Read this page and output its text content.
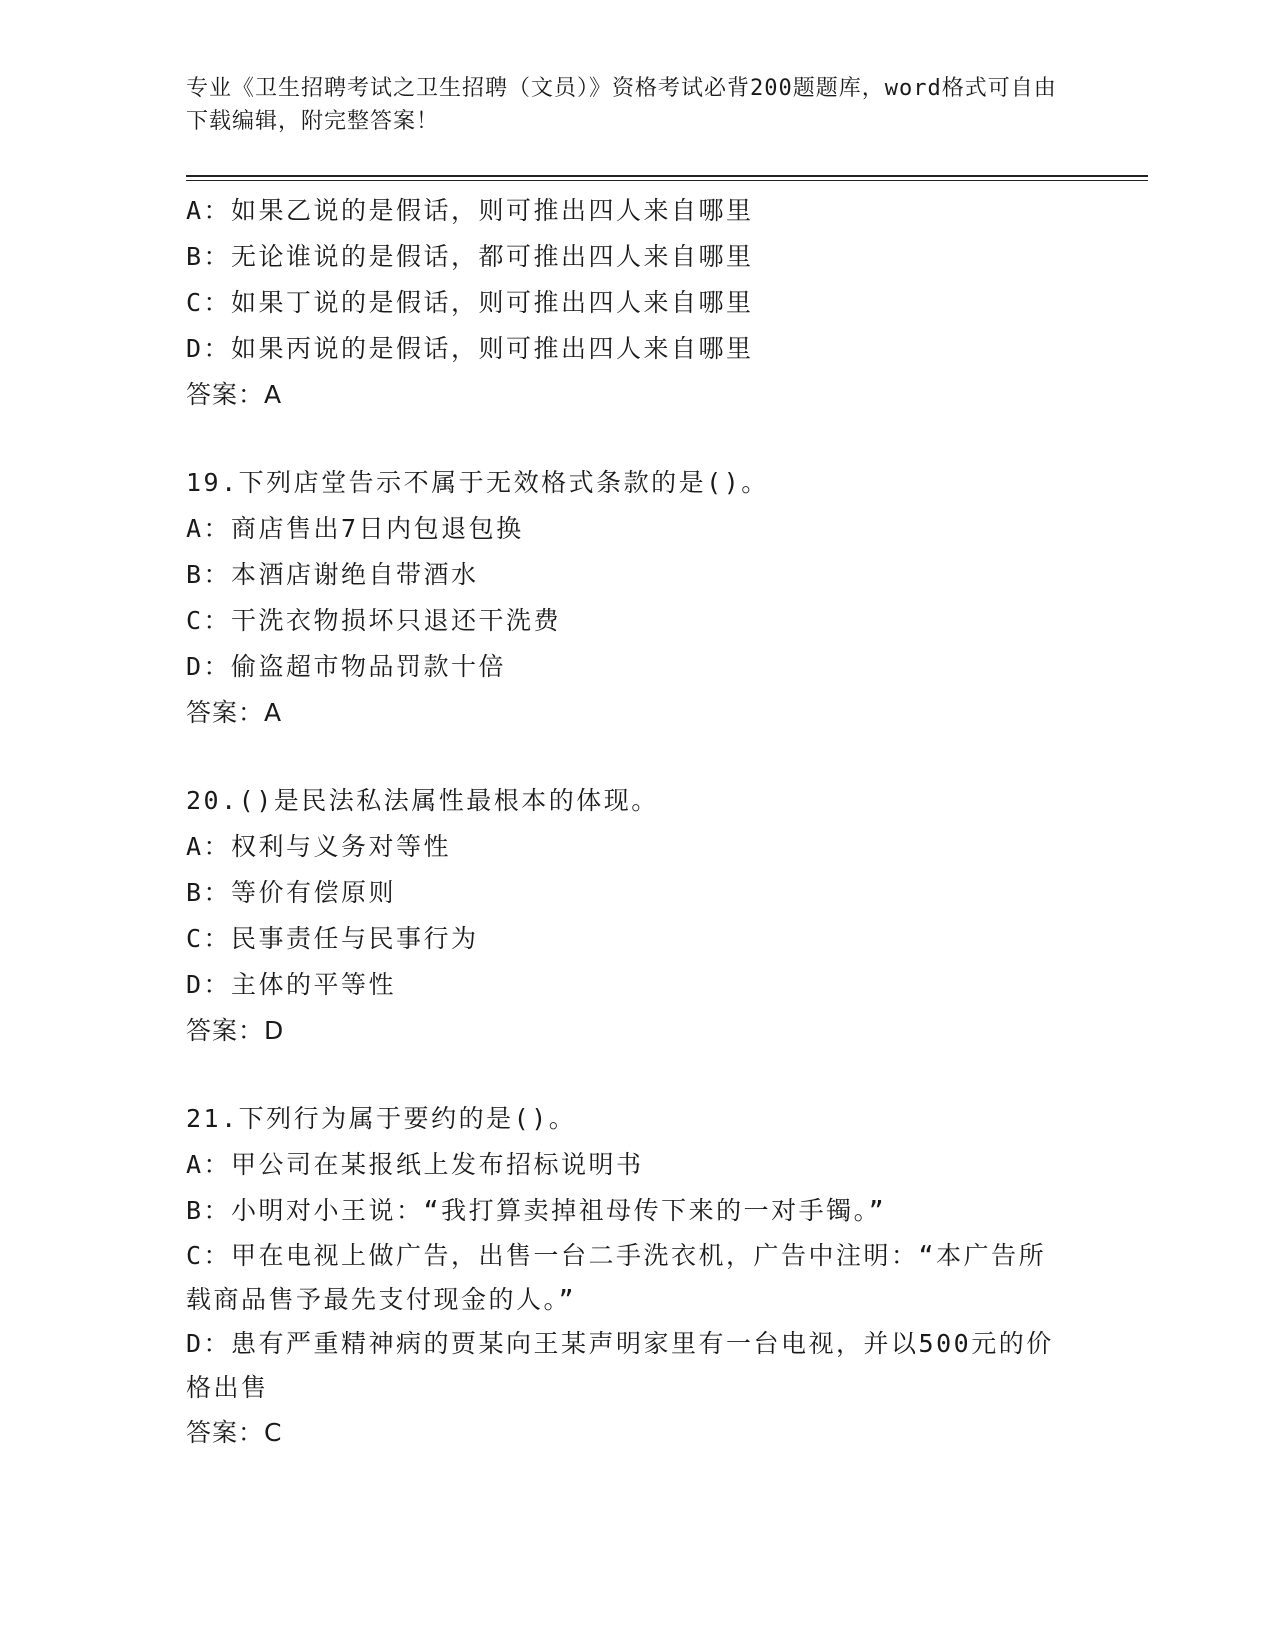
专业《卫生招聘考试之卫生招聘（文员）》资格考试必背200题题库，word格式可自由下载编辑，附完整答案！
A：如果乙说的是假话，则可推出四人来自哪里
B：无论谁说的是假话，都可推出四人来自哪里
C：如果丁说的是假话，则可推出四人来自哪里
D：如果丙说的是假话，则可推出四人来自哪里
答案：A
19.下列店堂告示不属于无效格式条款的是()。
A：商店售出7日内包退包换
B：本酒店谢绝自带酒水
C：干洗衣物损坏只退还干洗费
D：偷盗超市物品罚款十倍
答案：A
20.()是民法私法属性最根本的体现。
A：权利与义务对等性
B：等价有偿原则
C：民事责任与民事行为
D：主体的平等性
答案：D
21.下列行为属于要约的是()。
A：甲公司在某报纸上发布招标说明书
B：小明对小王说：“我打算卖掉祖母传下来的一对手镯。”
C：甲在电视上做广告，出售一台二手洗衣机，广告中注明：“本广告所载商品售予最先支付现金的人。”
D：患有严重精神病的贾某向王某声明家里有一台电视，并以500元的价格出售
答案：C
